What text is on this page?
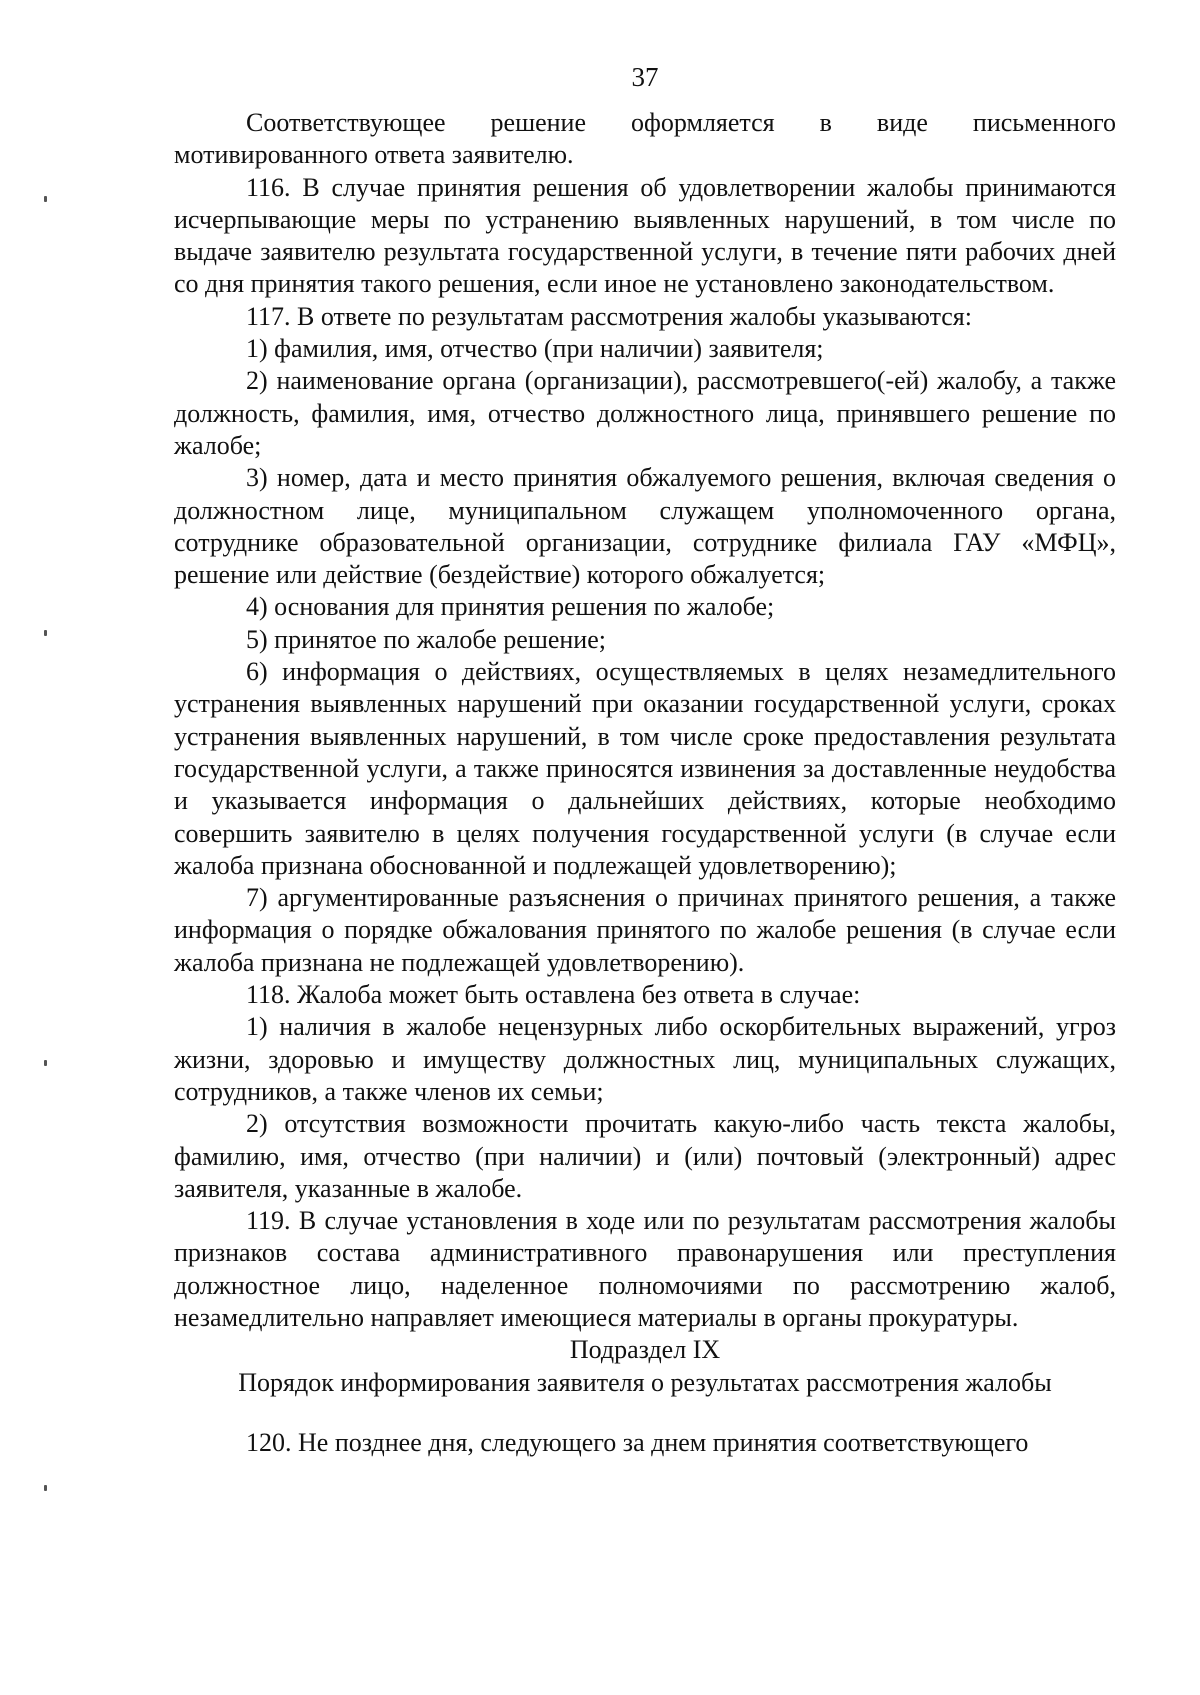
37

Соответствующее решение оформляется в виде письменного мотивированного ответа заявителю.

116. В случае принятия решения об удовлетворении жалобы принимаются исчерпывающие меры по устранению выявленных нарушений, в том числе по выдаче заявителю результата государственной услуги, в течение пяти рабочих дней со дня принятия такого решения, если иное не установлено законодательством.

117. В ответе по результатам рассмотрения жалобы указываются:

1) фамилия, имя, отчество (при наличии) заявителя;

2) наименование органа (организации), рассмотревшего(-ей) жалобу, а также должность, фамилия, имя, отчество должностного лица, принявшего решение по жалобе;

3) номер, дата и место принятия обжалуемого решения, включая сведения о должностном лице, муниципальном служащем уполномоченного органа, сотруднике образовательной организации, сотруднике филиала ГАУ «МФЦ», решение или действие (бездействие) которого обжалуется;

4) основания для принятия решения по жалобе;

5) принятое по жалобе решение;

6) информация о действиях, осуществляемых в целях незамедлительного устранения выявленных нарушений при оказании государственной услуги, сроках устранения выявленных нарушений, в том числе сроке предоставления результата государственной услуги, а также приносятся извинения за доставленные неудобства и указывается информация о дальнейших действиях, которые необходимо совершить заявителю в целях получения государственной услуги (в случае если жалоба признана обоснованной и подлежащей удовлетворению);

7) аргументированные разъяснения о причинах принятого решения, а также информация о порядке обжалования принятого по жалобе решения (в случае если жалоба признана не подлежащей удовлетворению).

118. Жалоба может быть оставлена без ответа в случае:

1) наличия в жалобе нецензурных либо оскорбительных выражений, угроз жизни, здоровью и имуществу должностных лиц, муниципальных служащих, сотрудников, а также членов их семьи;

2) отсутствия возможности прочитать какую-либо часть текста жалобы, фамилию, имя, отчество (при наличии) и (или) почтовый (электронный) адрес заявителя, указанные в жалобе.

119. В случае установления в ходе или по результатам рассмотрения жалобы признаков состава административного правонарушения или преступления должностное лицо, наделенное полномочиями по рассмотрению жалоб, незамедлительно направляет имеющиеся материалы в органы прокуратуры.

Подраздел IX

Порядок информирования заявителя о результатах рассмотрения жалобы

120. Не позднее дня, следующего за днем принятия соответствующего
